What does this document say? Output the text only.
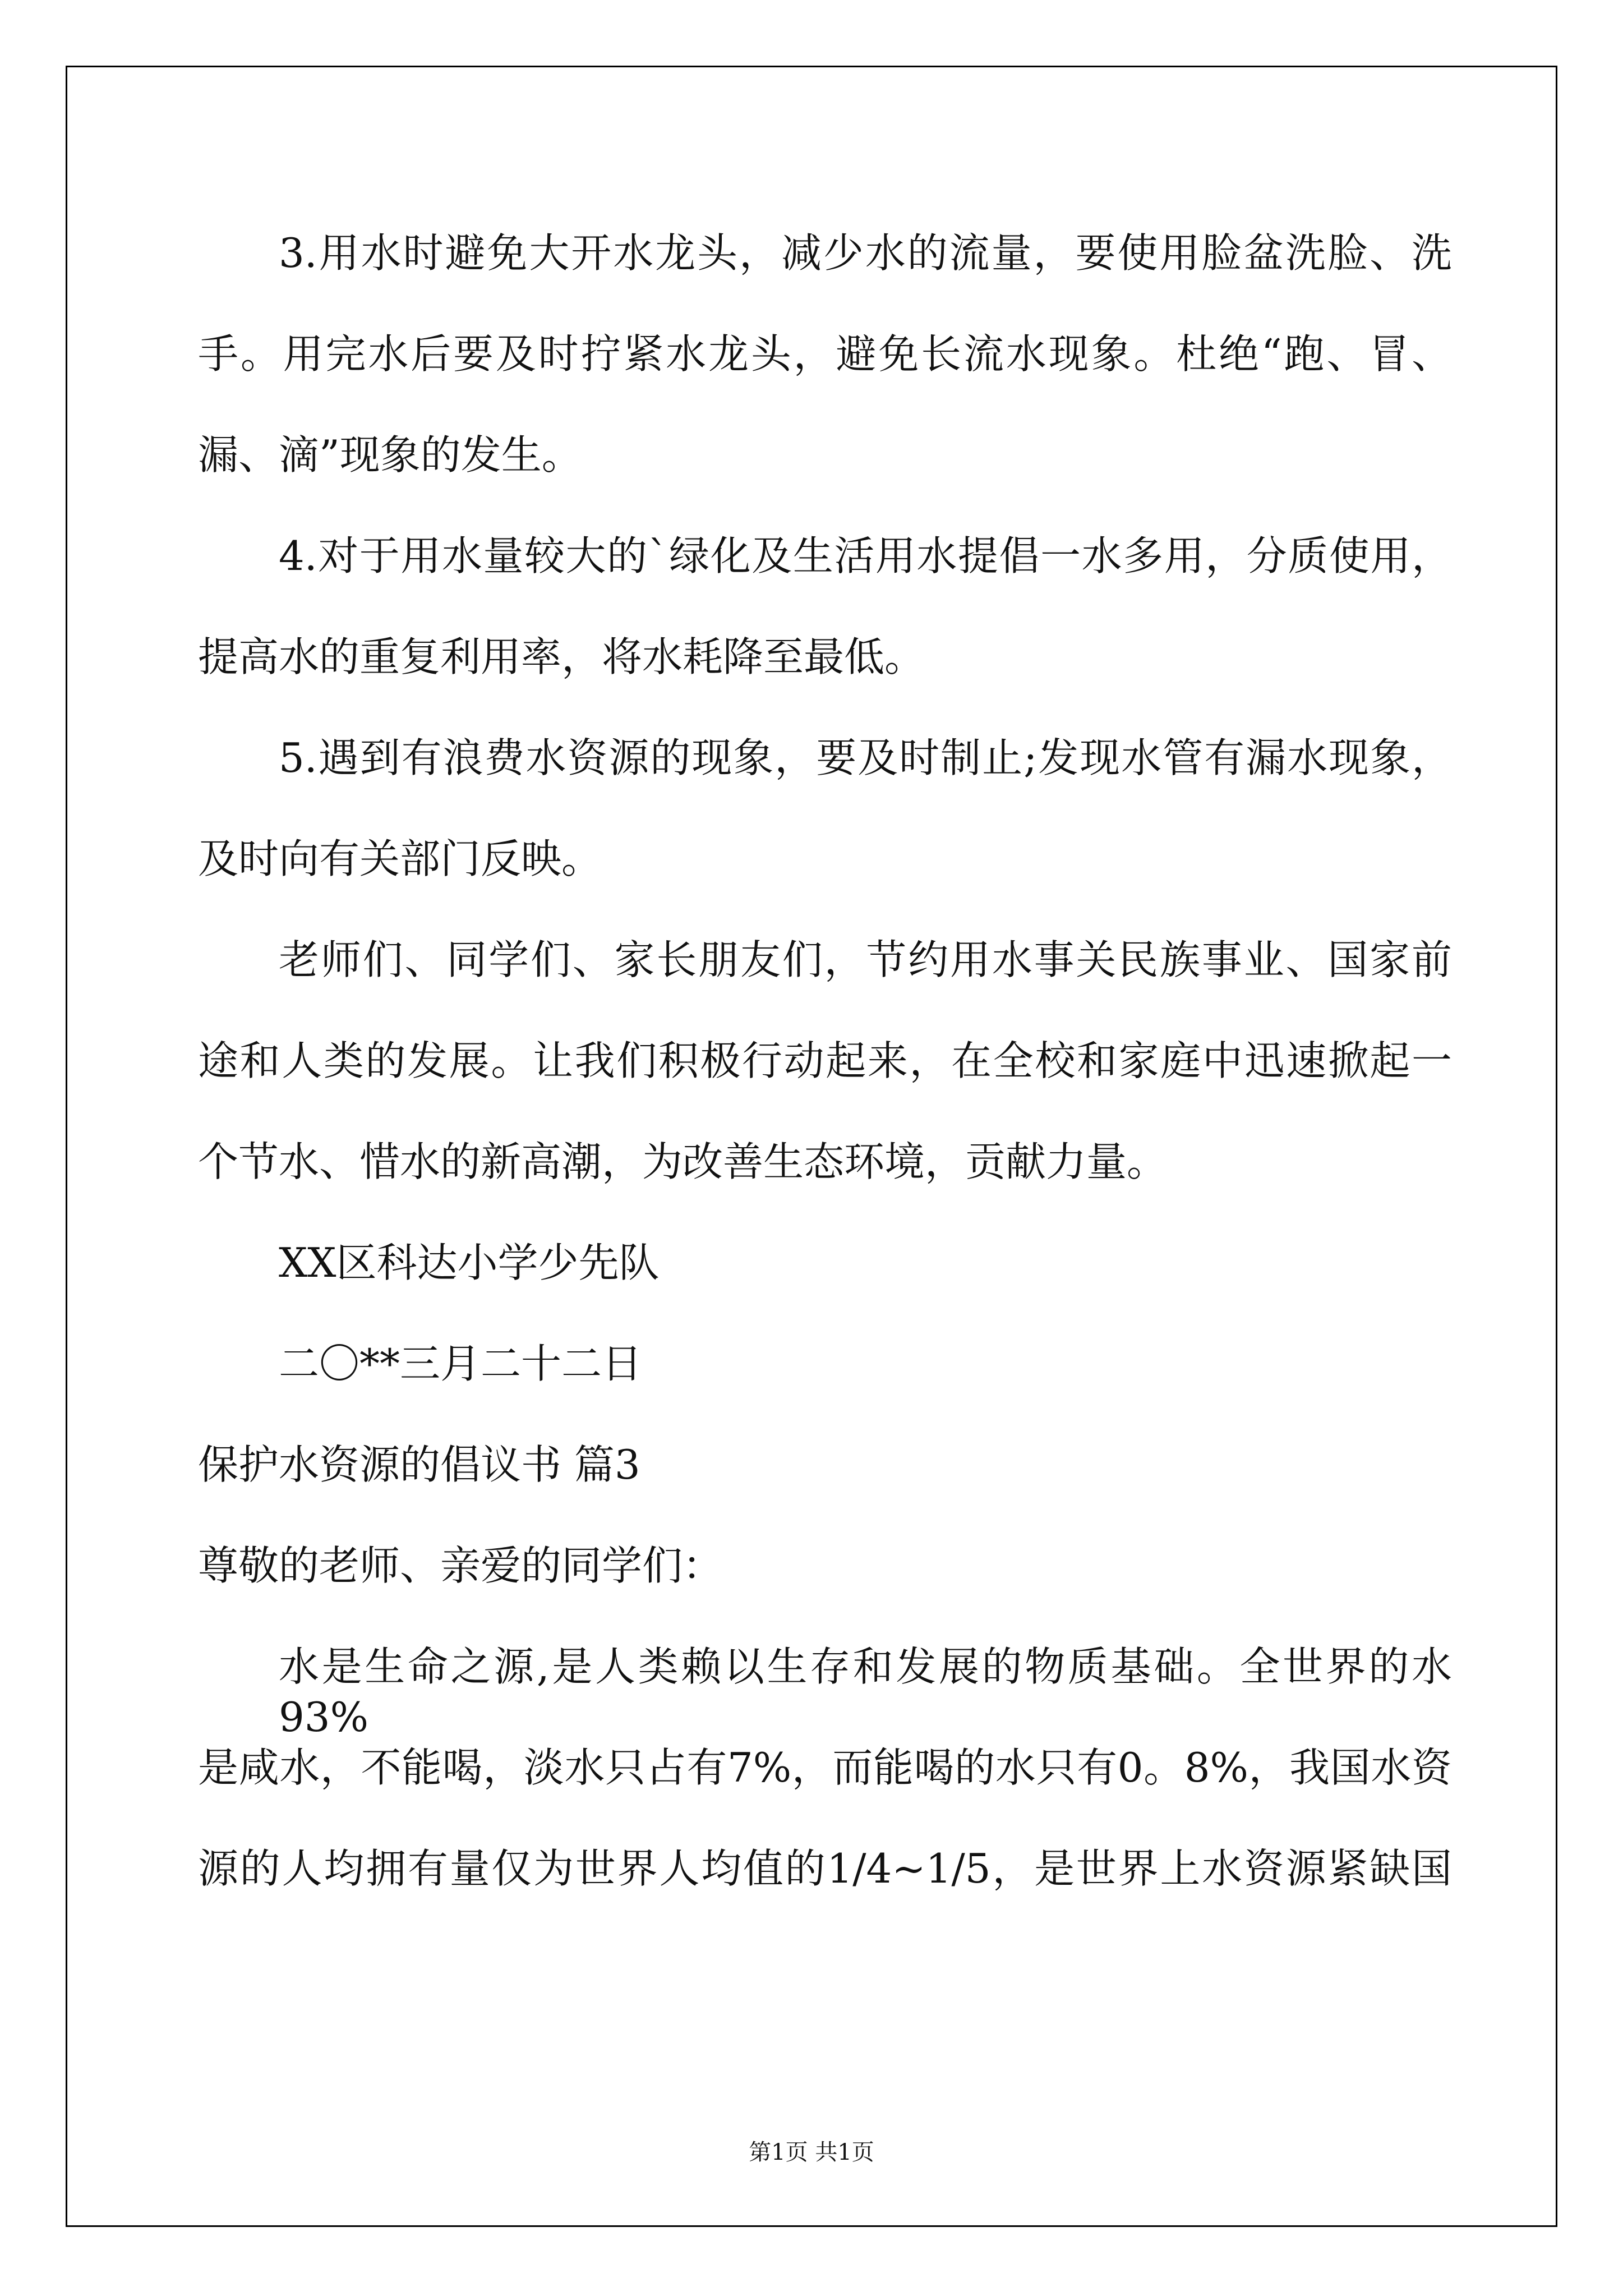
3.用水时避免大开水龙头，减少水的流量，要使用脸盆洗脸、洗
手。用完水后要及时拧紧水龙头，避免长流水现象。杜绝“跑、冒、
漏、滴”现象的发生。
4.对于用水量较大的`绿化及生活用水提倡一水多用，分质使用，
提高水的重复利用率，将水耗降至最低。
5.遇到有浪费水资源的现象，要及时制止;发现水管有漏水现象，
及时向有关部门反映。
老师们、同学们、家长朋友们，节约用水事关民族事业、国家前
途和人类的发展。让我们积极行动起来，在全校和家庭中迅速掀起一
个节水、惜水的新高潮，为改善生态环境，贡献力量。
XX区科达小学少先队
二〇**三月二十二日
保护水资源的倡议书 篇3
尊敬的老师、亲爱的同学们：
水是生命之源,是人类赖以生存和发展的物质基础。全世界的水93%
是咸水，不能喝，淡水只占有7%，而能喝的水只有0。8%，我国水资
源的人均拥有量仅为世界人均值的1/4~1/5，是世界上水资源紧缺国
第1页 共1页
